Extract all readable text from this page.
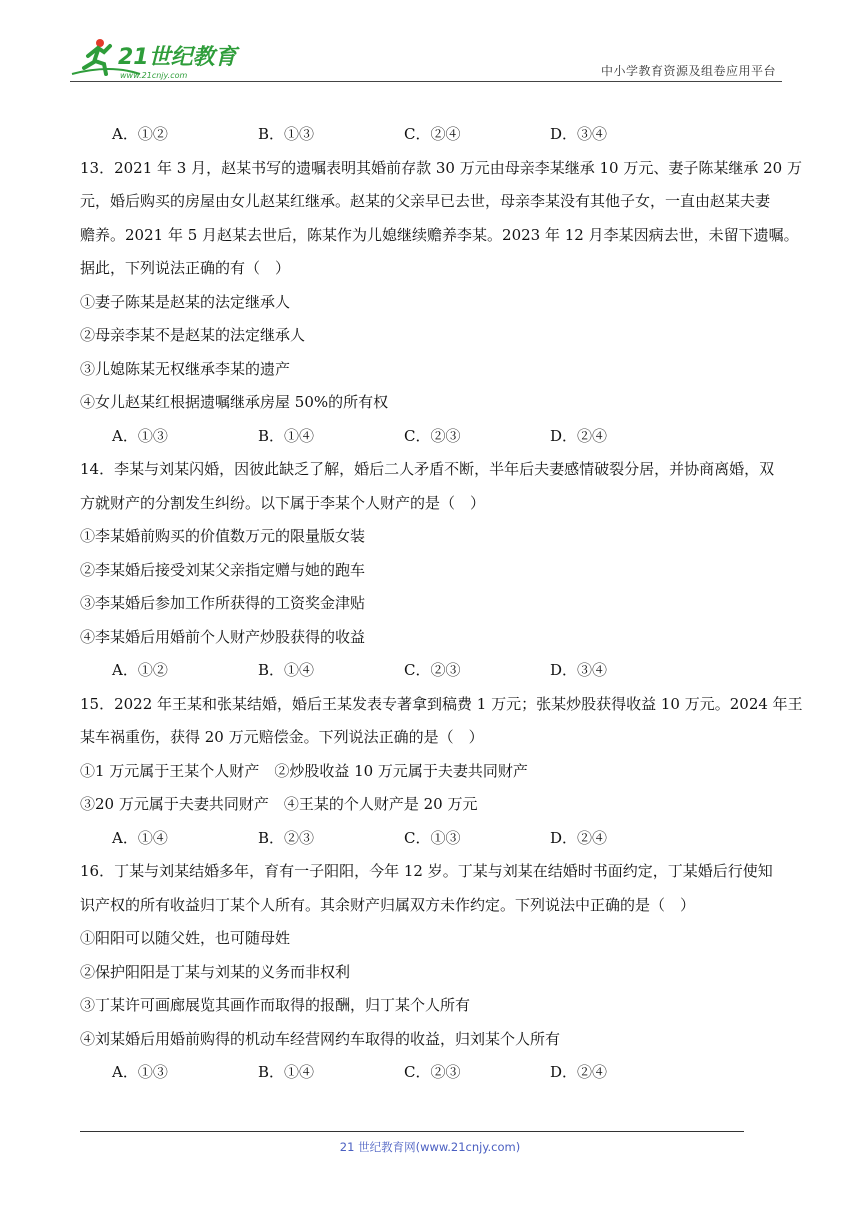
21世纪教育
www.21cnjy.com	中小学教育资源及组卷应用平台
A．①②	B．①③	C．②④	D．③④
13．2021 年 3 月，赵某书写的遗嘱表明其婚前存款 30 万元由母亲李某继承 10 万元、妻子陈某继承 20 万
元，婚后购买的房屋由女儿赵某红继承。赵某的父亲早已去世，母亲李某没有其他子女，一直由赵某夫妻
赡养。2021 年 5 月赵某去世后，陈某作为儿媳继续赡养李某。2023 年 12 月李某因病去世，未留下遗嘱。
据此，下列说法正确的有（　）
①妻子陈某是赵某的法定继承人
②母亲李某不是赵某的法定继承人
③儿媳陈某无权继承李某的遗产
④女儿赵某红根据遗嘱继承房屋 50%的所有权
A．①③	B．①④	C．②③	D．②④
14．李某与刘某闪婚，因彼此缺乏了解，婚后二人矛盾不断，半年后夫妻感情破裂分居，并协商离婚，双
方就财产的分割发生纠纷。以下属于李某个人财产的是（　）
①李某婚前购买的价值数万元的限量版女装
②李某婚后接受刘某父亲指定赠与她的跑车
③李某婚后参加工作所获得的工资奖金津贴
④李某婚后用婚前个人财产炒股获得的收益
A．①②	B．①④	C．②③	D．③④
15．2022 年王某和张某结婚，婚后王某发表专著拿到稿费 1 万元；张某炒股获得收益 10 万元。2024 年王
某车祸重伤，获得 20 万元赔偿金。下列说法正确的是（　）
①1 万元属于王某个人财产　②炒股收益 10 万元属于夫妻共同财产
③20 万元属于夫妻共同财产　④王某的个人财产是 20 万元
A．①④	B．②③	C．①③	D．②④
16．丁某与刘某结婚多年，育有一子阳阳，今年 12 岁。丁某与刘某在结婚时书面约定，丁某婚后行使知
识产权的所有收益归丁某个人所有。其余财产归属双方未作约定。下列说法中正确的是（　）
①阳阳可以随父姓，也可随母姓
②保护阳阳是丁某与刘某的义务而非权利
③丁某许可画廊展览其画作而取得的报酬，归丁某个人所有
④刘某婚后用婚前购得的机动车经营网约车取得的收益，归刘某个人所有
A．①③	B．①④	C．②③	D．②④
21 世纪教育网(www.21cnjy.com)
